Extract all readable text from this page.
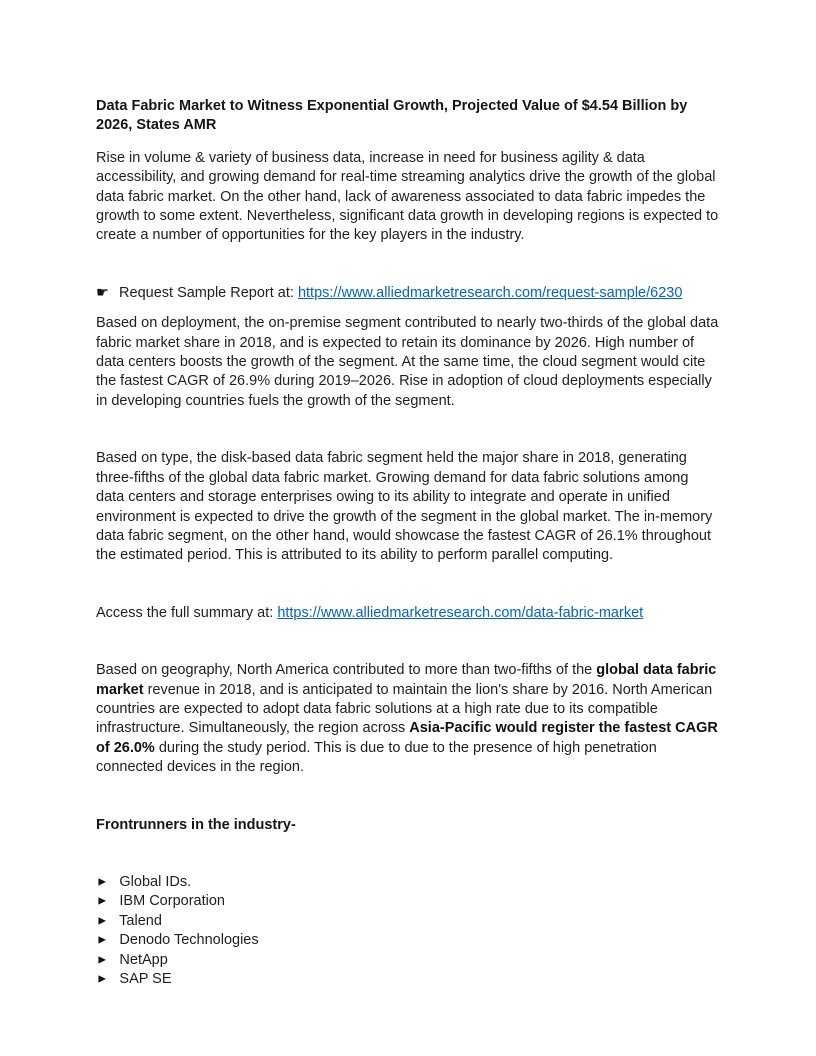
Data Fabric Market to Witness Exponential Growth, Projected Value of $4.54 Billion by 2026, States AMR

Rise in volume & variety of business data, increase in need for business agility & data accessibility, and growing demand for real-time streaming analytics drive the growth of the global data fabric market. On the other hand, lack of awareness associated to data fabric impedes the growth to some extent. Nevertheless, significant data growth in developing regions is expected to create a number of opportunities for the key players in the industry.

☛ Request Sample Report at: https://www.alliedmarketresearch.com/request-sample/6230

Based on deployment, the on-premise segment contributed to nearly two-thirds of the global data fabric market share in 2018, and is expected to retain its dominance by 2026. High number of data centers boosts the growth of the segment. At the same time, the cloud segment would cite the fastest CAGR of 26.9% during 2019–2026. Rise in adoption of cloud deployments especially in developing countries fuels the growth of the segment.

Based on type, the disk-based data fabric segment held the major share in 2018, generating three-fifths of the global data fabric market. Growing demand for data fabric solutions among data centers and storage enterprises owing to its ability to integrate and operate in unified environment is expected to drive the growth of the segment in the global market. The in-memory data fabric segment, on the other hand, would showcase the fastest CAGR of 26.1% throughout the estimated period. This is attributed to its ability to perform parallel computing.

Access the full summary at: https://www.alliedmarketresearch.com/data-fabric-market

Based on geography, North America contributed to more than two-fifths of the global data fabric market revenue in 2018, and is anticipated to maintain the lion's share by 2016. North American countries are expected to adopt data fabric solutions at a high rate due to its compatible infrastructure. Simultaneously, the region across Asia-Pacific would register the fastest CAGR of 26.0% during the study period. This is due to due to the presence of high penetration connected devices in the region.

Frontrunners in the industry-

► Global IDs.
► IBM Corporation
► Talend
► Denodo Technologies
► NetApp
► SAP SE
